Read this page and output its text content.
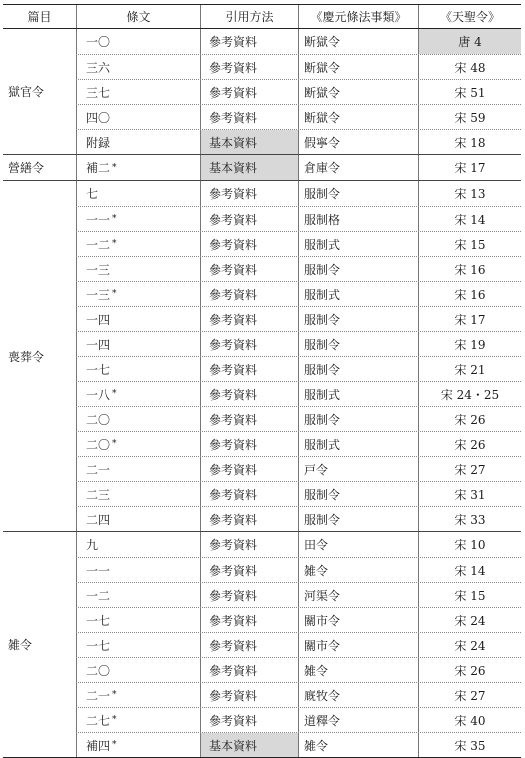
篇目	條文	引用方法	《慶元條法事類》	《天聖令》
獄官令
一〇	參考資料	断獄令	唐 4
三六	參考資料	断獄令	宋 48
三七	參考資料	断獄令	宋 51
四〇	參考資料	断獄令	宋 59
附録	基本資料	假寧令	宋 18
營繕令	補二 *	基本資料	倉庫令	宋 17
喪葬令
七	參考資料	服制令	宋 13
一一 *	參考資料	服制格	宋 14
一二 *	參考資料	服制式	宋 15
一三	參考資料	服制令	宋 16
一三 *	參考資料	服制式	宋 16
一四	參考資料	服制令	宋 17
一四	參考資料	服制令	宋 19
一七	參考資料	服制令	宋 21
一八 *	參考資料	服制式	宋 24・25
二〇	參考資料	服制令	宋 26
二〇 *	參考資料	服制式	宋 26
二一	參考資料	戸令	宋 27
二三	參考資料	服制令	宋 31
二四	參考資料	服制令	宋 33
雑令
九	參考資料	田令	宋 10
一一	參考資料	雑令	宋 14
一二	參考資料	河渠令	宋 15
一七	參考資料	關市令	宋 24
一七	參考資料	關市令	宋 24
二〇	參考資料	雑令	宋 26
二一 *	參考資料	廐牧令	宋 27
二七 *	參考資料	道釋令	宋 40
補四 *	基本資料	雑令	宋 35
